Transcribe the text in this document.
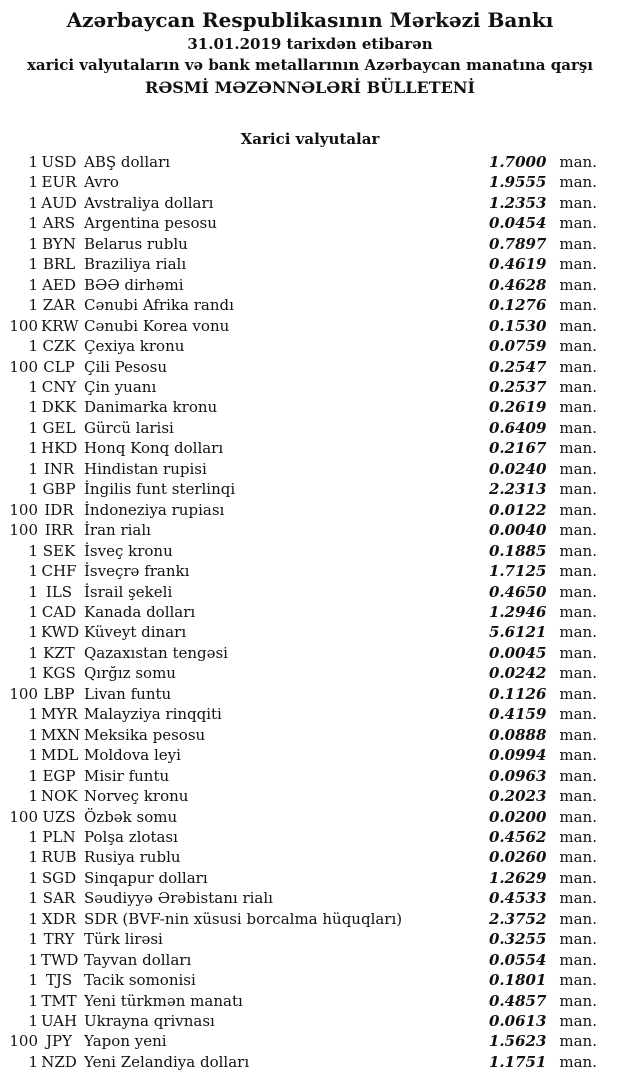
Azərbaycan Respublikasının Mərkəzi Bankı
31.01.2019 tarixdən etibarən
xarici valyutaların və bank metallarının Azərbaycan manatına qarşı
RƏSMİ MƏZƏNNƏLƏRİ BÜLLETENİ
Xarici valyutalar
1 USD ABŞ dolları	1.7000 man.
1 EUR Avro	1.9555 man.
1 AUD Avstraliya dolları	1.2353 man.
1 ARS Argentina pesosu	0.0454 man.
1 BYN Belarus rublu	0.7897 man.
1 BRL Braziliya rialı	0.4619 man.
1 AED BƏƏ dirhəmi	0.4628 man.
1 ZAR Cənubi Afrika randı	0.1276 man.
100 KRW Cənubi Korea vonu	0.1530 man.
1 CZK Çexiya kronu	0.0759 man.
100 CLP Çili Pesosu	0.2547 man.
1 CNY Çin yuanı	0.2537 man.
1 DKK Danimarka kronu	0.2619 man.
1 GEL Gürcü larisi	0.6409 man.
1 HKD Honq Konq dolları	0.2167 man.
1 INR Hindistan rupisi	0.0240 man.
1 GBP İngilis funt sterlinqi	2.2313 man.
100 IDR İndoneziya rupiası	0.0122 man.
100 IRR İran rialı	0.0040 man.
1 SEK İsveç kronu	0.1885 man.
1 CHF İsveçrə frankı	1.7125 man.
1 ILS İsrail şekeli	0.4650 man.
1 CAD Kanada dolları	1.2946 man.
1 KWD Küveyt dinarı	5.6121 man.
1 KZT Qazaxıstan tengəsi	0.0045 man.
1 KGS Qırğız somu	0.0242 man.
100 LBP Livan funtu	0.1126 man.
1 MYR Malayziya rinqqiti	0.4159 man.
1 MXN Meksika pesosu	0.0888 man.
1 MDL Moldova leyi	0.0994 man.
1 EGP Misir funtu	0.0963 man.
1 NOK Norveç kronu	0.2023 man.
100 UZS Özbək somu	0.0200 man.
1 PLN Polşa zlotası	0.4562 man.
1 RUB Rusiya rublu	0.0260 man.
1 SGD Sinqapur dolları	1.2629 man.
1 SAR Səudiyyə Ərəbistanı rialı	0.4533 man.
1 XDR SDR (BVF-nin xüsusi borcalma hüquqları)	2.3752 man.
1 TRY Türk lirəsi	0.3255 man.
1 TWD Tayvan dolları	0.0554 man.
1 TJS Tacik somonisi	0.1801 man.
1 TMT Yeni türkmən manatı	0.4857 man.
1 UAH Ukrayna qrivnası	0.0613 man.
100 JPY Yapon yeni	1.5623 man.
1 NZD Yeni Zelandiya dolları	1.1751 man.
